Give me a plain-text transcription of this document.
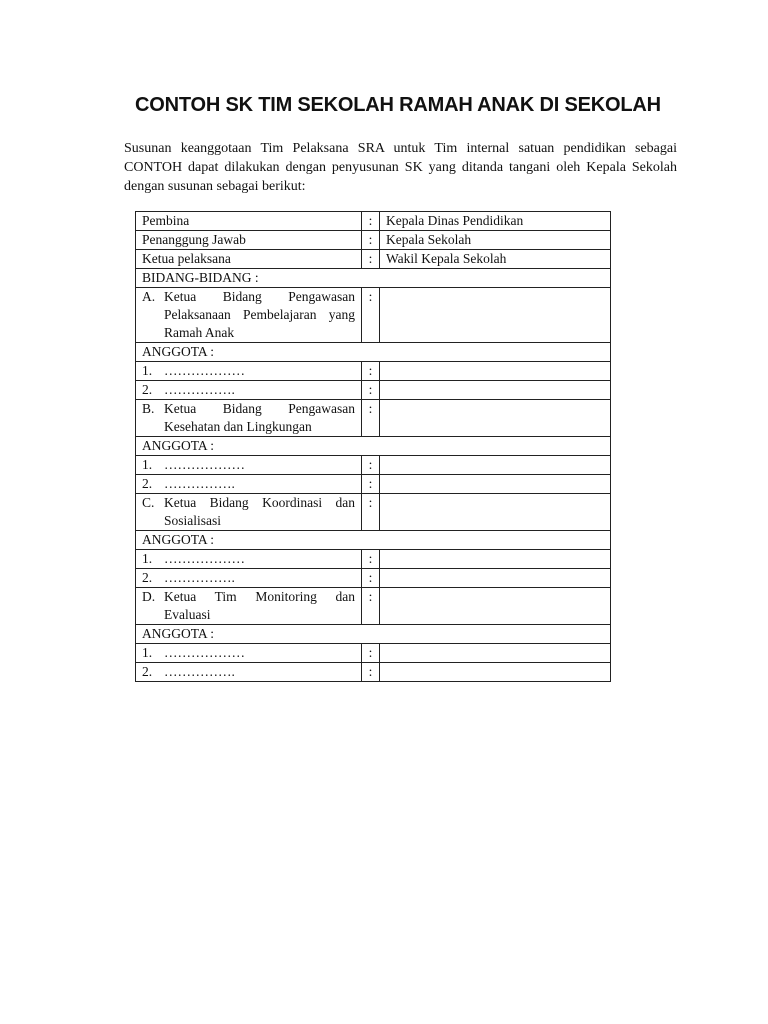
CONTOH SK TIM SEKOLAH RAMAH ANAK DI SEKOLAH

Susunan keanggotaan Tim Pelaksana SRA untuk Tim internal satuan pendidikan sebagai CONTOH dapat dilakukan dengan penyusunan SK yang ditanda tangani oleh Kepala Sekolah dengan susunan sebagai berikut:

Pembina	:	Kepala Dinas Pendidikan
Penanggung Jawab	:	Kepala Sekolah
Ketua pelaksana	:	Wakil Kepala Sekolah
BIDANG-BIDANG :		

A. Ketua Bidang Pengawasan Pelaksanaan Pembelajaran yang Ramah Anak	:	
ANGGOTA :		

1. ………………	:	

2. …………….	:	

B. Ketua Bidang Pengawasan Kesehatan dan Lingkungan	:	
ANGGOTA :		

1. ………………	:	

2. …………….	:	

C. Ketua Bidang Koordinasi dan Sosialisasi	:	
ANGGOTA :		

1. ………………	:	

2. …………….	:	

D. Ketua Tim Monitoring dan Evaluasi	:	
ANGGOTA :		

1. ………………	:	

2. …………….	:	
